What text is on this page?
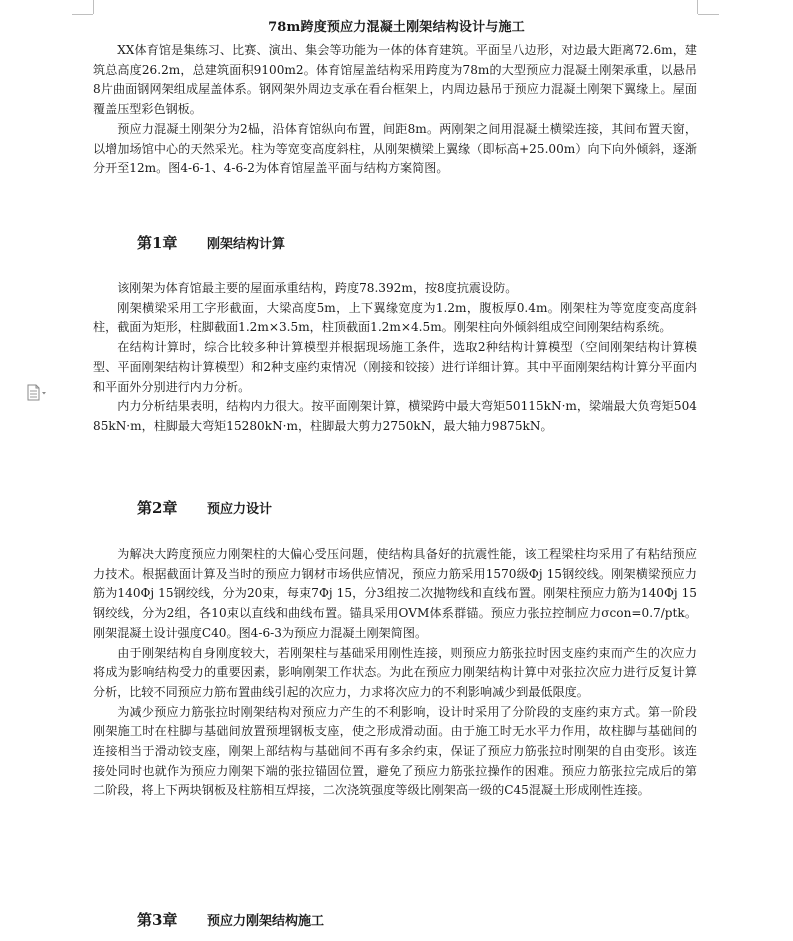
78m跨度预应力混凝土刚架结构设计与施工

XX体育馆是集练习、比赛、演出、集会等功能为一体的体育建筑。平面呈八边形，对边最大距离72.6m，建筑总高度26.2m，总建筑面积9100m2。体育馆屋盖结构采用跨度为78m的大型预应力混凝土刚架承重，以悬吊8片曲面钢网架组成屋盖体系。钢网架外周边支承在看台框架上，内周边悬吊于预应力混凝土刚架下翼缘上。屋面覆盖压型彩色钢板。

预应力混凝土刚架分为2榀，沿体育馆纵向布置，间距8m。两刚架之间用混凝土横梁连接，其间布置天窗，以增加场馆中心的天然采光。柱为等宽变高度斜柱，从刚架横梁上翼缘（即标高+25.00m）向下向外倾斜，逐渐分开至12m。图4-6-1、4-6-2为体育馆屋盖平面与结构方案简图。

第1章 刚架结构计算

该刚架为体育馆最主要的屋面承重结构，跨度78.392m，按8度抗震设防。

刚架横梁采用工字形截面，大梁高度5m，上下翼缘宽度为1.2m，腹板厚0.4m。刚架柱为等宽度变高度斜柱，截面为矩形，柱脚截面1.2m×3.5m，柱顶截面1.2m×4.5m。刚架柱向外倾斜组成空间刚架结构系统。

在结构计算时，综合比较多种计算模型并根据现场施工条件，选取2种结构计算模型（空间刚架结构计算模型、平面刚架结构计算模型）和2种支座约束情况（刚接和铰接）进行详细计算。其中平面刚架结构计算分平面内和平面外分别进行内力分析。

内力分析结果表明，结构内力很大。按平面刚架计算，横梁跨中最大弯矩50115kN·m，梁端最大负弯矩50485kN·m，柱脚最大弯矩15280kN·m，柱脚最大剪力2750kN，最大轴力9875kN。

第2章 预应力设计

为解决大跨度预应力刚架柱的大偏心受压问题，使结构具备好的抗震性能，该工程梁柱均采用了有粘结预应力技术。根据截面计算及当时的预应力钢材市场供应情况，预应力筋采用1570级Φj 15钢绞线。刚架横梁预应力筋为140Φj 15钢绞线，分为20束，每束7Φj 15，分3组按二次抛物线和直线布置。刚架柱预应力筋为140Φj 15钢绞线，分为2组，各10束以直线和曲线布置。锚具采用OVM体系群锚。预应力张拉控制应力σcon=0.7/ptk。刚架混凝土设计强度C40。图4-6-3为预应力混凝土刚架简图。

由于刚架结构自身刚度较大，若刚架柱与基础采用刚性连接，则预应力筋张拉时因支座约束而产生的次应力将成为影响结构受力的重要因素，影响刚架工作状态。为此在预应力刚架结构计算中对张拉次应力进行反复计算分析，比较不同预应力筋布置曲线引起的次应力，力求将次应力的不利影响减少到最低限度。

为减少预应力筋张拉时刚架结构对预应力产生的不利影响，设计时采用了分阶段的支座约束方式。第一阶段刚架施工时在柱脚与基础间放置预埋钢板支座，使之形成滑动面。由于施工时无水平力作用，故柱脚与基础间的连接相当于滑动铰支座，刚架上部结构与基础间不再有多余约束，保证了预应力筋张拉时刚架的自由变形。该连接处同时也就作为预应力刚架下端的张拉锚固位置，避免了预应力筋张拉操作的困难。预应力筋张拉完成后的第二阶段，将上下两块钢板及柱筋相互焊接，二次浇筑强度等级比刚架高一级的C45混凝土形成刚性连接。

第3章 预应力刚架结构施工
